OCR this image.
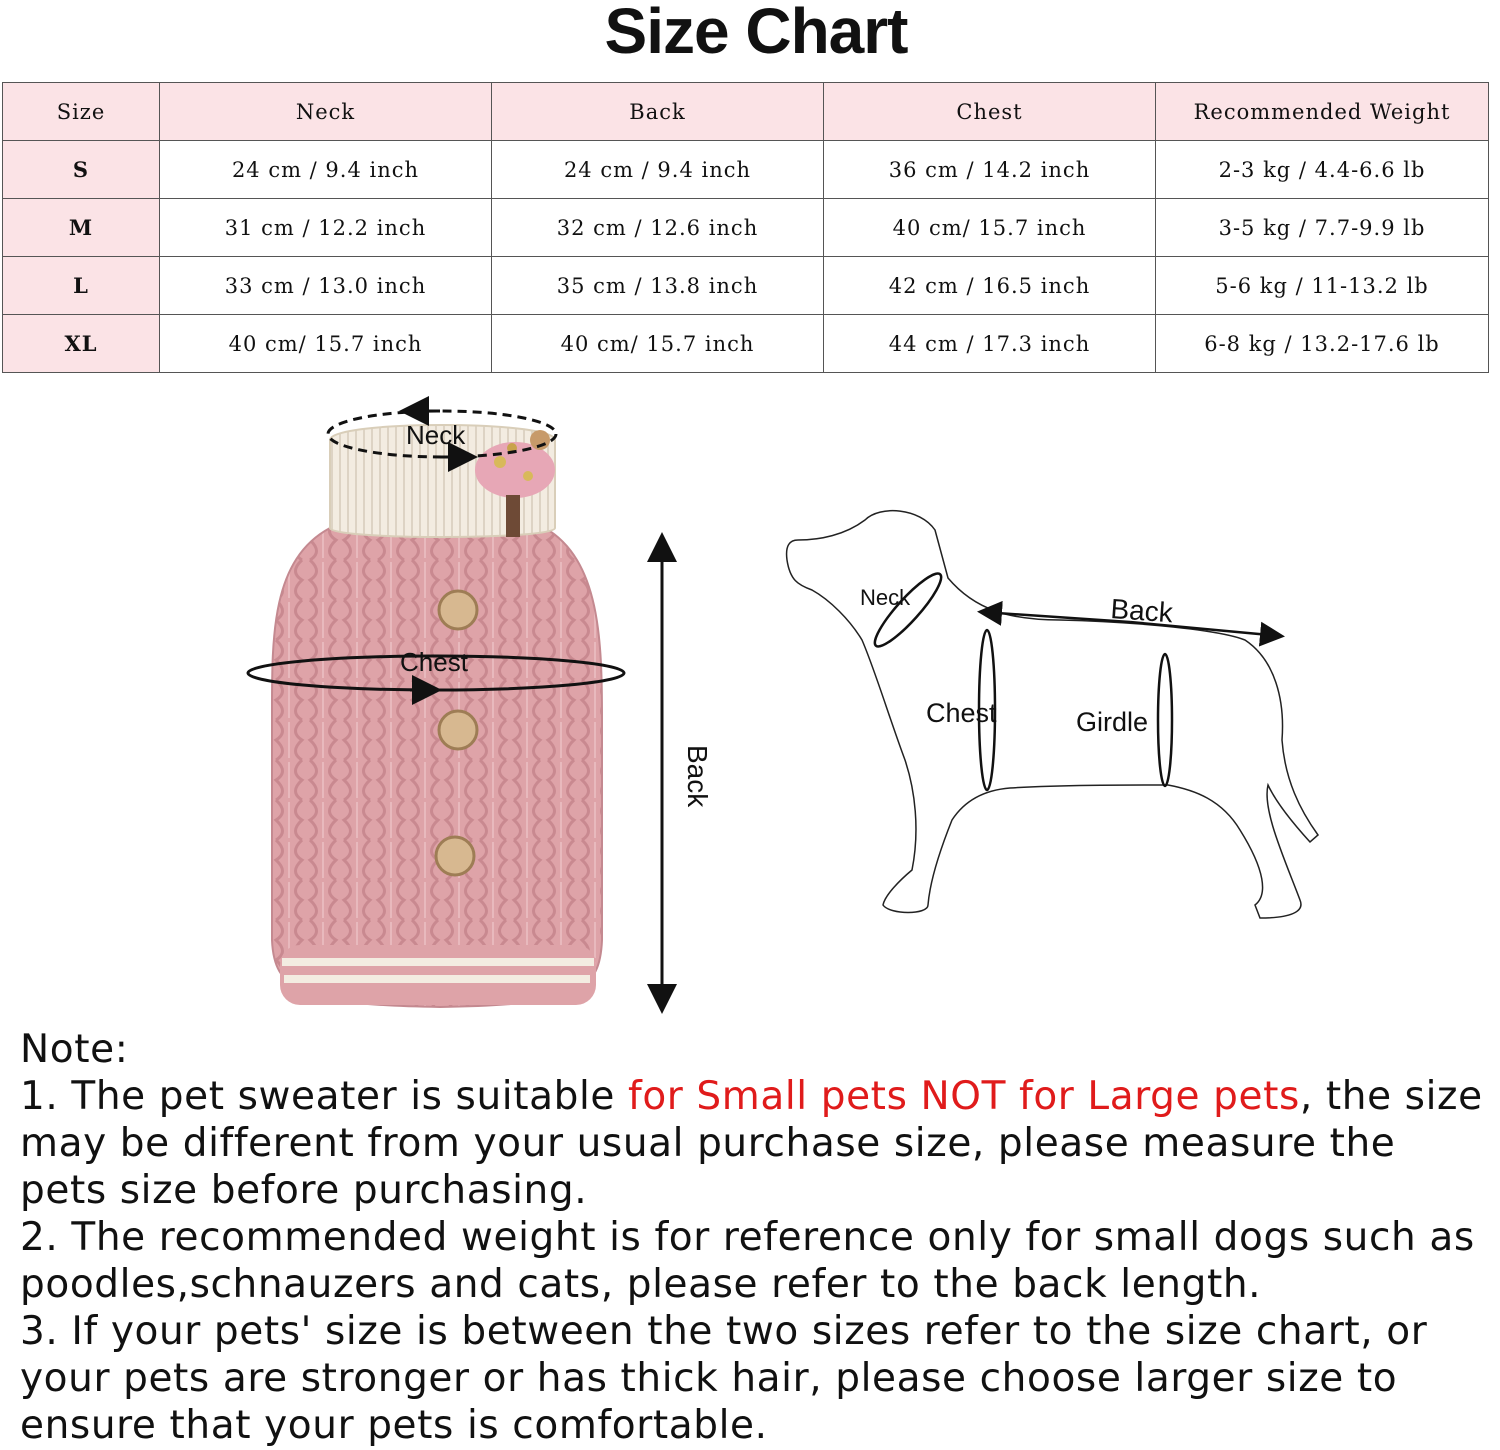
Size Chart
Size	Neck	Back	Chest	Recommended Weight
S	24 cm / 9.4 inch	24 cm / 9.4 inch	36 cm / 14.2 inch	2-3 kg / 4.4-6.6 lb
M	31 cm / 12.2 inch	32 cm / 12.6 inch	40 cm/ 15.7 inch	3-5 kg / 7.7-9.9 lb
L	33 cm / 13.0 inch	35 cm / 13.8 inch	42 cm / 16.5 inch	5-6 kg / 11-13.2 lb
XL	40 cm/ 15.7 inch	40 cm/ 15.7 inch	44 cm / 17.3 inch	6-8 kg / 13.2-17.6 lb
Neck
Chest
Back
Neck	Back
Chest	Girdle

Note:

1. The pet sweater is suitable for Small pets NOT for Large pets, the size may be different from your usual purchase size, please measure the pets size before purchasing.

2. The recommended weight is for reference only for small dogs such as poodles,schnauzers and cats, please refer to the back length.

3. If your pets' size is between the two sizes refer to the size chart, or your pets are stronger or has thick hair, please choose larger size to ensure that your pets is comfortable.
